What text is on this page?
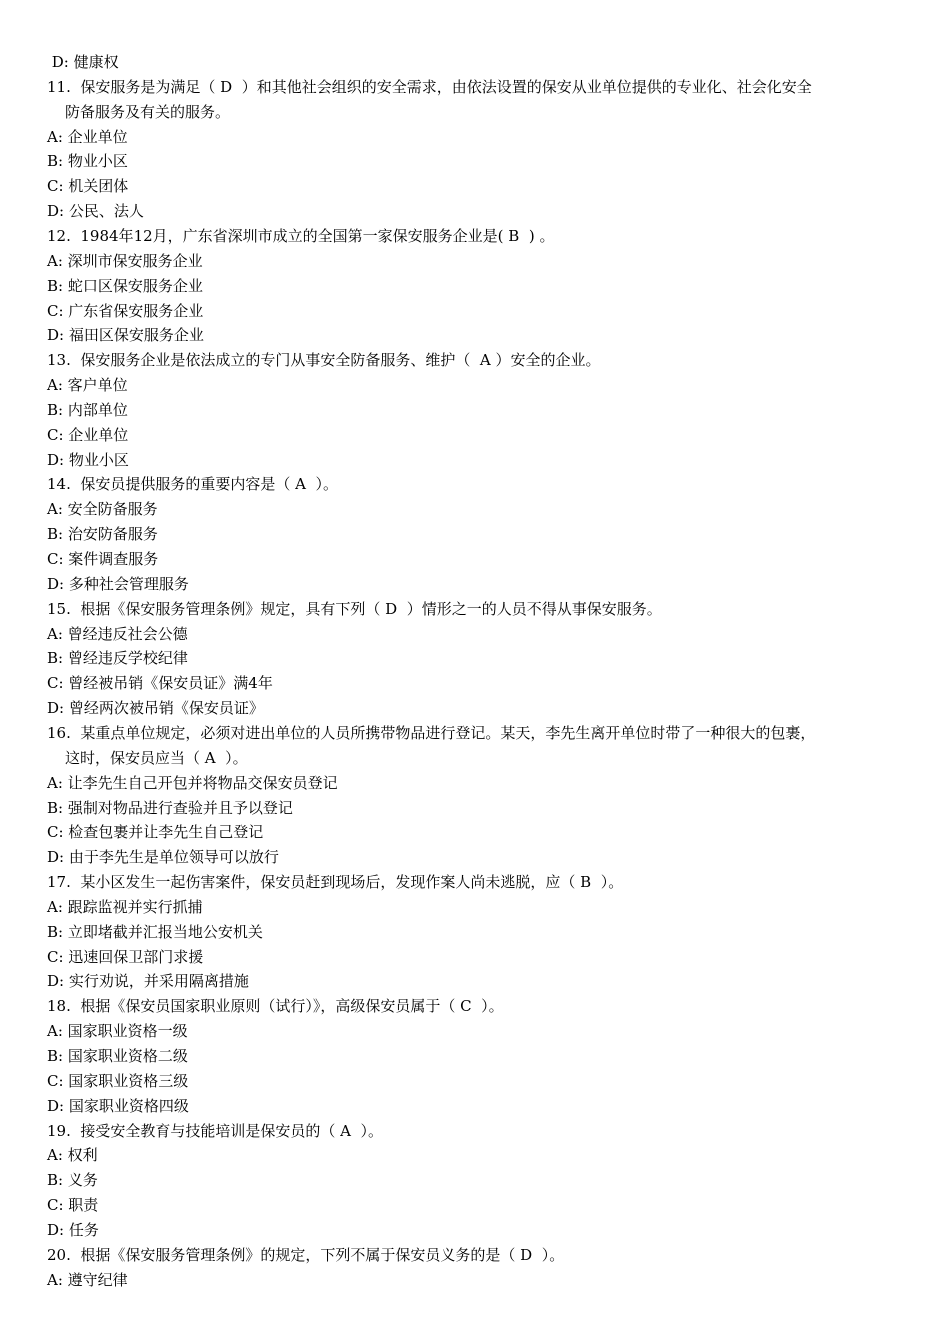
D: 健康权
11.  保安服务是为满足（ D  ）和其他社会组织的安全需求，由依法设置的保安从业单位提供的专业化、社会化安全
防备服务及有关的服务。
A: 企业单位
B: 物业小区
C: 机关团体
D: 公民、法人
12.  1984年12月，广东省深圳市成立的全国第一家保安服务企业是( B  ) 。
A: 深圳市保安服务企业
B: 蛇口区保安服务企业
C: 广东省保安服务企业
D: 福田区保安服务企业
13.  保安服务企业是依法成立的专门从事安全防备服务、维护（  A ）安全的企业。
A: 客户单位
B: 内部单位
C: 企业单位
D: 物业小区
14.  保安员提供服务的重要内容是（ A  ）。
A: 安全防备服务
B: 治安防备服务
C: 案件调查服务
D: 多种社会管理服务
15.  根据《保安服务管理条例》规定，具有下列（ D  ）情形之一的人员不得从事保安服务。
A: 曾经违反社会公德
B: 曾经违反学校纪律
C: 曾经被吊销《保安员证》满4年
D: 曾经两次被吊销《保安员证》
16.  某重点单位规定，必须对进出单位的人员所携带物品进行登记。某天，李先生离开单位时带了一种很大的包裹，
这时，保安员应当（ A  ）。
A: 让李先生自己开包并将物品交保安员登记
B: 强制对物品进行查验并且予以登记
C: 检查包裹并让李先生自己登记
D: 由于李先生是单位领导可以放行
17.  某小区发生一起伤害案件，保安员赶到现场后，发现作案人尚未逃脱，应（ B  ）。
A: 跟踪监视并实行抓捕
B: 立即堵截并汇报当地公安机关
C: 迅速回保卫部门求援
D: 实行劝说，并采用隔离措施
18.  根据《保安员国家职业原则（试行）》，高级保安员属于（ C  ）。
A: 国家职业资格一级
B: 国家职业资格二级
C: 国家职业资格三级
D: 国家职业资格四级
19.  接受安全教育与技能培训是保安员的（ A  ）。
A: 权利
B: 义务
C: 职责
D: 任务
20.  根据《保安服务管理条例》的规定，下列不属于保安员义务的是（ D  ）。
A: 遵守纪律
